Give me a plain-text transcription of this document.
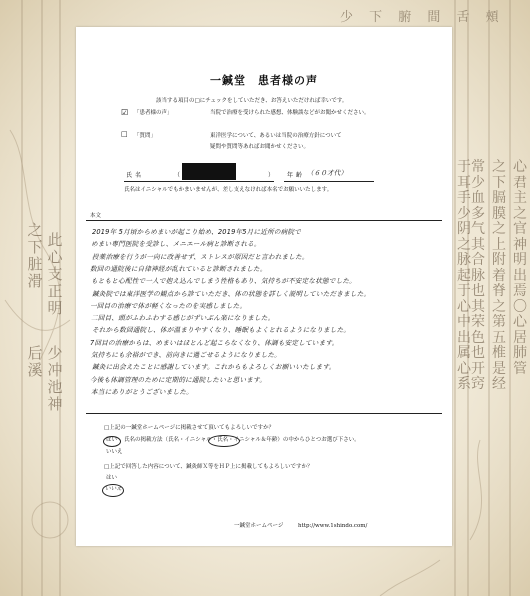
此心支正明
之下脏滑
少冲池神
后溪
心君主之官神明出焉〇心居肺管
之下膈膜之上附着脊之第五椎是经
常少血多气其合脉也其荣色也开窍
于耳手少阴之脉起于心中出属心系
少 下 腑 間 舌 頰
一鍼堂　患者様の声
該当する項目の□にチェックをしていただき、お答えいただければ幸いです。
☑ 「患者様の声」	当院で治療を受けられた感想、体験談などがお聞かせください。
□ 「質問」	東洋医学について、あるいは当院の治療方針について
疑問や質問等あればお聞かせください。
氏名	（	） 年齢 （６０才代）
氏名はイニシャルでもかまいませんが、差し支えなければ本名でお願いいたします。
本文
2019年 5月頃からめまいが起こり始め、2019年5月に近所の病院で
めまい専門医院を受診し、メニエール病と診断される。
投薬治療を行うが一向に改善せず、ストレスが原因だと言われました。
数回の通院後に自律神経が乱れていると診断されました。
もともと心配性で一人で抱え込んでしまう性格もあり、気持ちが不安定な状態でした。
鍼灸院では東洋医学の観点から診ていただき、体の状態を詳しく説明していただきました。
一回目の治療で体が軽くなったのを実感しました。
二回目、頭がふわふわする感じがずいぶん楽になりました。
それから数回通院し、体が温まりやすくなり、睡眠もよくとれるようになりました。
7回目の治療からは、めまいはほとんど起こらなくなり、体調も安定しています。
気持ちにも余裕ができ、前向きに過ごせるようになりました。
鍼灸に出会えたことに感謝しています。これからもよろしくお願いいたします。
今後も体調管理のために定期的に通院したいと思います。
本当にありがとうございました。
□上記の一鍼堂ホームページに掲載させて頂いてもよろしいですか？
はい 氏名の掲載方法（氏名・イニシャル・氏名・イニシャル＆年齢）の中からひとつお選び下さい。
いいえ
□上記で回答した内容について、鍼灸師Ｘ等をＨＰ上に掲載してもよろしいですか？
はい
いいえ
一鍼堂ホームページ	http://www.1shindo.com/
